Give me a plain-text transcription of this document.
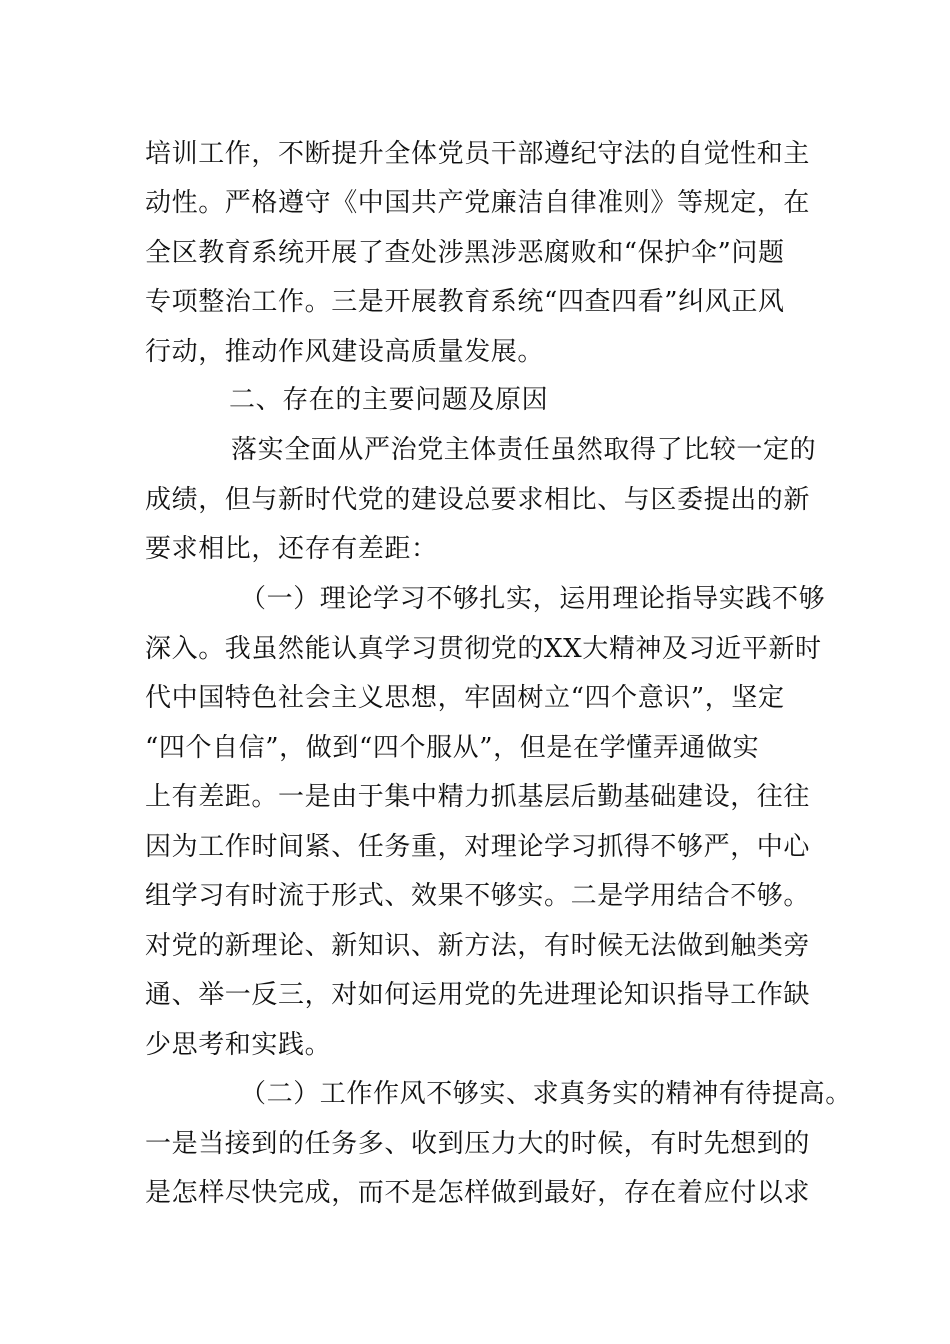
培训工作，不断提升全体党员干部遵纪守法的自觉性和主
动性。严格遵守《中国共产党廉洁自律准则》等规定，在
全区教育系统开展了查处涉黑涉恶腐败和“保护伞”问题
专项整治工作。三是开展教育系统“四查四看”纠风正风
行动，推动作风建设高质量发展。
二、存在的主要问题及原因
落实全面从严治党主体责任虽然取得了比较一定的
成绩，但与新时代党的建设总要求相比、与区委提出的新
要求相比，还存有差距：
（一）理论学习不够扎实，运用理论指导实践不够
深入。我虽然能认真学习贯彻党的XX大精神及习近平新时
代中国特色社会主义思想，牢固树立“四个意识”，坚定
“四个自信”，做到“四个服从”，但是在学懂弄通做实
上有差距。一是由于集中精力抓基层后勤基础建设，往往
因为工作时间紧、任务重，对理论学习抓得不够严，中心
组学习有时流于形式、效果不够实。二是学用结合不够。
对党的新理论、新知识、新方法，有时候无法做到触类旁
通、举一反三，对如何运用党的先进理论知识指导工作缺
少思考和实践。
（二）工作作风不够实、求真务实的精神有待提高。
一是当接到的任务多、收到压力大的时候，有时先想到的
是怎样尽快完成，而不是怎样做到最好，存在着应付以求
